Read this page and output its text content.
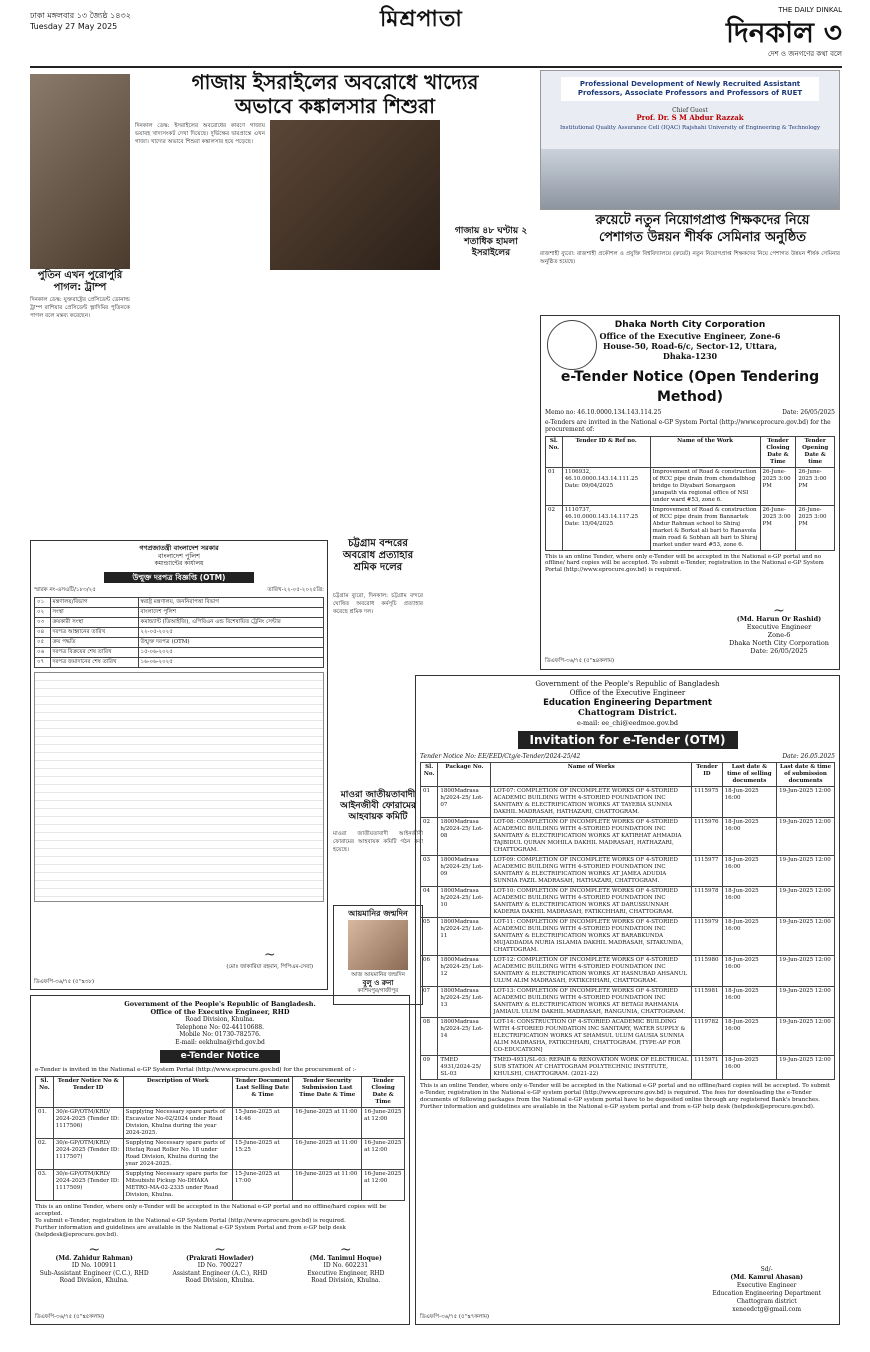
ঢাকা মঙ্গলবার ১৩ জ্যৈষ্ঠ ১৪৩২
Tuesday 27 May 2025	মিশ্রপাতা	THE DAILY DINKAL
দিনকাল ৩
দেশ ও জনগণের কথা বলে
পুতিন এখন পুরোপুরি পাগল: ট্রাম্প
দিনকাল ডেস্ক: যুক্তরাষ্ট্রের প্রেসিডেন্ট ডোনাল্ড ট্রাম্প রাশিয়ার প্রেসিডেন্ট ভ্লাদিমির পুতিনকে পাগল বলে মন্তব্য করেছেন।
গাজায় ইসরাইলের অবরোধে খাদ্যের
অভাবে কঙ্কালসার শিশুরা
দিনকাল ডেস্ক: ইসরাইলের অবরোধের কারণে গাজায় ভয়াবহ খাদ্যসংকট দেখা দিয়েছে। দুর্ভিক্ষের দ্বারপ্রান্তে এখন গাজা। খাদ্যের অভাবে শিশুরা কঙ্কালসার হয়ে পড়েছে।
গাজায় ৪৮ ঘণ্টায় ২ শতাধিক হামলা ইসরাইলের
Professional Development of Newly Recruited Assistant Professors, Associate Professors and Professors of RUET
Chief Guest
Prof. Dr. S M Abdur Razzak
Institutional Quality Assurance Cell (IQAC) Rajshahi University of Engineering & Technology
রুয়েটে নতুন নিয়োগপ্রাপ্ত শিক্ষকদের নিয়ে
পেশাগত উন্নয়ন শীর্ষক সেমিনার অনুষ্ঠিত
রাজশাহী ব্যুরো: রাজশাহী প্রকৌশল ও প্রযুক্তি বিশ্ববিদ্যালয়ে (রুয়েট) নতুন নিয়োগপ্রাপ্ত শিক্ষকদের নিয়ে পেশাগত উন্নয়ন শীর্ষক সেমিনার অনুষ্ঠিত হয়েছে।
Dhaka North City Corporation
Office of the Executive Engineer, Zone-6
House-50, Road-6/c, Sector-12, Uttara,
Dhaka-1230
e-Tender Notice (Open Tendering Method)
Memo no: 46.10.0000.134.143.114.25	Date: 26/05/2025
e-Tenders are invited in the National e-GP System Portal (http://www.eprocure.gov.bd) for the procurement of:
Sl. No.	Tender ID & Ref no.	Name of the Work	Tender Closing Date & Time	Tender Opening Date & time
01	1106932, 46.10.0000.143.14.111.25 Date: 09/04/2025	Improvement of Road & construction of RCC pipe drain from chondalbhog bridge to Diyabari Sonargaon janapath via regional office of NSI under ward #53, zone 6.	26-June- 2025 3:00 PM	26-June- 2025 3:00 PM
02	1110737, 46.10.0000.143.14.117.25 Date: 15/04/2025	Improvement of Road & construction of RCC pipe drain from Bannartek Abdur Rahman school to Shiraj market & Borkat ali bari to Ranavola main road & Sobhan ali bari to Shiraj market under ward #53, zone 6.	26-June- 2025 3:00 PM	26-June- 2025 3:00 PM
This is an online Tender, where only e-Tender will be accepted in the National e-GP portal and no offline/ hard copies will be accepted. To submit e-Tender, registration in the National e-GP System Portal (http://www.eprocure.gov.bd) is required.
~
(Md. Harun Or Rashid)
Executive Engineer
Zone-6
Dhaka North City Corporation
Date: 26/05/2025
ডিএফপি-৩৬/৭৫ (৫''x৪কলাম)
চট্টগ্রাম বন্দরের অবরোধ প্রত্যাহার শ্রমিক দলের
চট্টগ্রাম ব্যুরো, দিনকাল: চট্টগ্রাম বন্দরে ঘোষিত অবরোধ কর্মসূচি প্রত্যাহার করেছে শ্রমিক দল।
মাওরা জাতীয়তাবাদী আইনজীবী ফোরামের আহবায়ক কমিটি
মাওরা জাতীয়তাবাদী আইনজীবী ফোরামের আহবায়ক কমিটি গঠন করা হয়েছে।
আয়মানির জন্মদিন
আজ আয়মানির জন্মদিন
বুলু ও রুনা
কাশিমপুর/গাজীপুর
গণপ্রজাতন্ত্রী বাংলাদেশ সরকার
বাংলাদেশ পুলিশ
কমান্ড্যান্টের কার্যালয়
উন্মুক্ত দরপত্র বিজ্ঞপ্তি (OTM)
স্মারক নং-এসএটি/১৮৩/২৫	তারিখ-২২-০৫-২০২৫খ্রি:
০১	মন্ত্রণালয়/বিভাগ	স্বরাষ্ট্র মন্ত্রণালয়, জননিরাপত্তা বিভাগ
০২	সংস্থা	বাংলাদেশ পুলিশ
০৩	ক্রয়কারী সংস্থা	কমান্ড্যান্ট (ডিআইজি), এপিবিএন এন্ড বিশেষায়িত ট্রেনিং সেন্টার
০৪	দরপত্র আহ্বানের তারিখ	২২-০৫-২০২৫
০৫	ক্রয় পদ্ধতি	উন্মুক্ত দরপত্র (OTM)
০৬	দরপত্র বিক্রয়ের শেষ তারিখ	১৫-০৬-২০২৫
০৭	দরপত্র জমাদানের শেষ তারিখ	১৬-০৬-২০২৫
~
(মোঃ জাকারিয়া রহমান, পিপিএম-সেবা)
ডিএফপি-৩৬/৭৫ (৫''x৩৮)
Government of the People's Republic of Bangladesh.
Office of the Executive Engineer, RHD
Road Division, Khulna.
Telephone No: 02-44110688.
Mobile No: 01730-782576.
E-mail: eekhulna@rhd.gov.bd
e-Tender Notice
e-Tender is invited in the National e-GP System Portal (http://www.eprocure.gov.bd) for the procurement of :-
Sl. No.	Tender Notice No & Tender ID	Description of Work	Tender Document Last Selling Date & Time	Tender Security Submission Last Time Date & Time	Tender Closing Date & Time
01.	30/e-GP/OTM/KRD/ 2024-2025 (Tender ID: 1117506)	Supplying Necessary spare parts of Excavator No-02/2024 under Road Division, Khulna during the year 2024-2025.	15-June-2025 at 14:46	16-June-2025 at 11:00	16-June-2025 at 12:00
02.	30/e-GP/OTM/KRD/ 2024-2025 (Tender ID: 1117507)	Supplying Necessary spare parts of Ittefaq Road Roller No. 18 under Road Division, Khulna during the year 2024-2025.	15-June-2025 at 15:25	16-June-2025 at 11:00	16-June-2025 at 12:00
03.	30/e-GP/OTM/KRD/ 2024-2025 (Tender ID: 1117509)	Supplying Necessary spare parts for Mitsubishi Pickup No-DHAKA METRO-MA-02-2335 under Road Division, Khulna.	15-June-2025 at 17:00	16-June-2025 at 11:00	16-June-2025 at 12:00
This is an online Tender, where only e-Tender will be accepted in the National e-GP portal and no offline/hard copies will be accepted.
To submit e-Tender, registration in the National e-GP System Portal (http://www.eprocure.gov.bd) is required.
Further information and guidelines are available in the National e-GP System Portal and from e-GP help desk (helpdesk@eprocure.gov.bd).
~
(Md. Zahidur Rahman)
ID No. 100911
Sub-Assistant Engineer (C.C.), RHD
Road Division, Khulna.
~
(Prakrati Howlader)
ID No. 700227
Assistant Engineer (A.C.), RHD
Road Division, Khulna.
~
(Md. Tanimul Hoque)
ID No. 602231
Executive Engineer, RHD
Road Division, Khulna.
ডিএফপি-৩৬/৭৫ (৫''x৫কলাম)
Government of the People's Republic of Bangladesh
Office of the Executive Engineer
Education Engineering Department
Chattogram District.
e-mail: ee_chi@eedmoe.gov.bd
Invitation for e-Tender (OTM)
Tender Notice No: EE/EED/Ctg/e-Tender/2024-25/42	Date: 26.05.2025
Sl. No.	Package No.	Name of Works	Tender ID	Last date & time of selling documents	Last date & time of submission documents
01	1800Madrasa h/2024-25/ Lot-07	LOT-07: COMPLETION OF INCOMPLETE WORKS OF 4-STORIED ACADEMIC BUILDING WITH 4-STORIED FOUNDATION INC SANITARY & ELECTRIFICATION WORKS AT TAYEBIA SUNNIA DAKHIL MADRASAH, HATHAZARI, CHATTOGRAM.	1115975	18-Jun-2025 16:00	19-Jun-2025 12:00
02	1800Madrasa h/2024-25/ Lot-08	LOT-08: COMPLETION OF INCOMPLETE WORKS OF 4-STORIED ACADEMIC BUILDING WITH 4-STORIED FOUNDATION INC SANITARY & ELECTRIFICATION WORKS AT KATIRHAT AHMADIA TAJBIDUL QURAN MOHILA DAKHIL MADRASAH, HATHAZARI, CHATTOGRAM.	1115976	18-Jun-2025 16:00	19-Jun-2025 12:00
03	1800Madrasa h/2024-25/ Lot-09	LOT-09: COMPLETION OF INCOMPLETE WORKS OF 4-STORIED ACADEMIC BUILDING WITH 4-STORIED FOUNDATION INC SANITARY & ELECTRIFICATION WORKS AT JAMEA ADUDIA SUNNIA FAZIL MADRASAH, HATHAZARI, CHATTOGRAM.	1115977	18-Jun-2025 16:00	19-Jun-2025 12:00
04	1800Madrasa h/2024-25/ Lot-10	LOT-10: COMPLETION OF INCOMPLETE WORKS OF 4-STORIED ACADEMIC BUILDING WITH 4-STORIED FOUNDATION INC SANITARY & ELECTRIFICATION WORKS AT DARUSSUNNAH KADERIA DAKHIL MADRASAH, FATIKCHHARI, CHATTOGRAM.	1115978	18-Jun-2025 16:00	19-Jun-2025 12:00
05	1800Madrasa h/2024-25/ Lot-11	LOT-11: COMPLETION OF INCOMPLETE WORKS OF 4-STORIED ACADEMIC BUILDING WITH 4-STORIED FOUNDATION INC SANITARY & ELECTRIFICATION WORKS AT BARABKUNDA MUJADDADIA NURIA ISLAMIA DAKHIL MADRASAH, SITAKUNDA, CHATTOGRAM.	1115979	18-Jun-2025 16:00	19-Jun-2025 12:00
06	1800Madrasa h/2024-25/ Lot-12	LOT-12: COMPLETION OF INCOMPLETE WORKS OF 4-STORIED ACADEMIC BUILDING WITH 4-STORIED FOUNDATION INC SANITARY & ELECTRIFICATION WORKS AT HASNUBAD AHSANUL ULUM ALIM MADRASAH, FATIKCHHARI, CHATTOGRAM.	1115980	18-Jun-2025 16:00	19-Jun-2025 12:00
07	1800Madrasa h/2024-25/ Lot-13	LOT-13: COMPLETION OF INCOMPLETE WORKS OF 4-STORIED ACADEMIC BUILDING WITH 4-STORIED FOUNDATION INC SANITARY & ELECTRIFICATION WORKS AT BETAGI RAHMANIA JAMIAUL ULUM DAKHIL MADRASAH, RANGUNIA, CHATTOGRAM.	1115981	18-Jun-2025 16:00	19-Jun-2025 12:00
08	1800Madrasa h/2024-25/ Lot-14	LOT-14: CONSTRUCTION OF 4-STORIED ACADEMIC BUILDING WITH 4-STORIED FOUNDATION INC SANITARY, WATER SUPPLY & ELECTRIFICATION WORKS AT SHAMSUL ULUM GAUSIA SUNNIA ALIM MADRASHA, FATIKCHHARI, CHATTOGRAM. [TYPE-AP FOR CO-EDUCATION]	1119782	18-Jun-2025 16:00	19-Jun-2025 12:00
09	TMED 4931/2024-25/ SL-03	TMED-4931/SL-03: REPAIR & RENOVATION WORK OF ELECTRICAL SUB STATION AT CHATTOGRAM POLYTECHNIC INSTITUTE, KHULSHI, CHATTOGRAM. (2021-22)	1115971	18-Jun-2025 16:00	19-Jun-2025 12:00
This is an online Tender, where only e-Tender will be accepted in the National e-GP portal and no offline/hard copies will be accepted. To submit e-Tender, registration in the National e-GP system portal (http://www.eprocure.gov.bd) is required. The fees for downloading the e-Tender documents of following packages from the National e-GP system portal have to be deposited online through any registered Bank's branches. Further information and guidelines are available in the National e-GP system portal and from e-GP help desk (helpdesk@eprocure.gov.bd).
Sd/-
(Md. Kamrul Ahasan)
Executive Engineer
Education Engineering Department
Chattogram district
xeneedctg@gmail.com
ডিএফপি-৩৬/৭৫ (৫''x৭কলাম)
